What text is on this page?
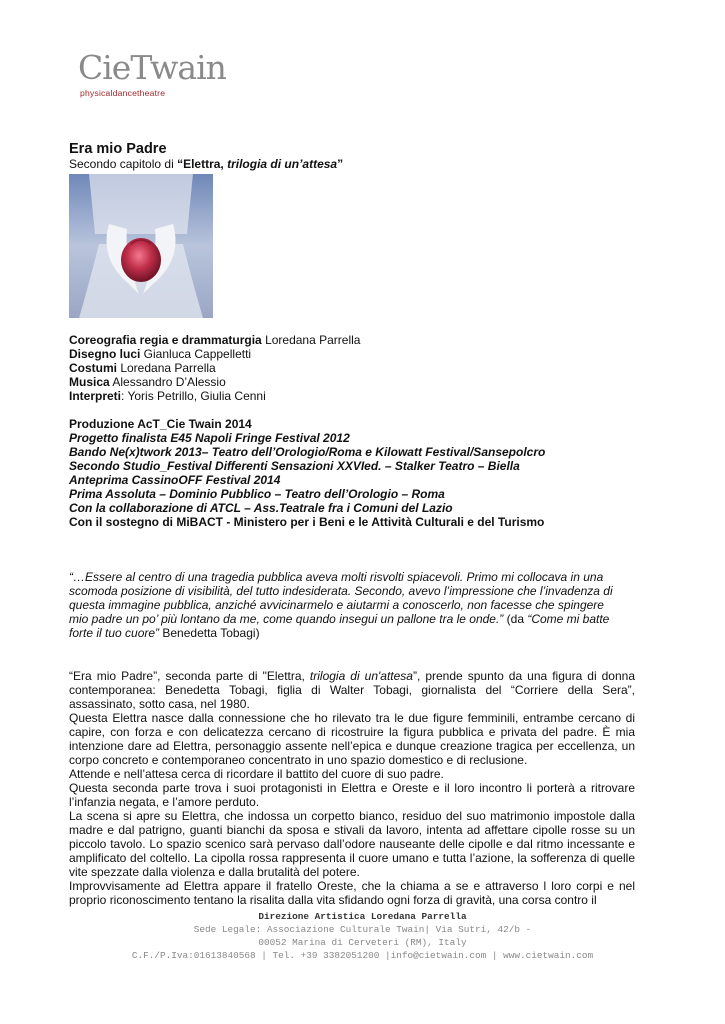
CieTwain
physicaldancetheatre
Era mio Padre
Secondo capitolo di “Elettra, trilogia di un’attesa”
Coreografia regia e drammaturgia Loredana Parrella
Disegno luci Gianluca Cappelletti
Costumi Loredana Parrella
Musica Alessandro D’Alessio
Interpreti: Yoris Petrillo, Giulia Cenni
Produzione AcT_Cie Twain 2014
Progetto finalista E45 Napoli Fringe Festival 2012
Bando Ne(x)twork 2013– Teatro dell’Orologio/Roma e Kilowatt Festival/Sansepolcro
Secondo Studio_Festival Differenti Sensazioni XXVIed. – Stalker Teatro – Biella
Anteprima CassinoOFF Festival 2014
Prima Assoluta – Dominio Pubblico – Teatro dell’Orologio – Roma
Con la collaborazione di ATCL – Ass.Teatrale fra i Comuni del Lazio
Con il sostegno di MiBACT - Ministero per i Beni e le Attività Culturali e del Turismo
“…Essere al centro di una tragedia pubblica aveva molti risvolti spiacevoli. Primo mi collocava in una scomoda posizione di visibilità, del tutto indesiderata. Secondo, avevo l’impressione che l’invadenza di questa immagine pubblica, anziché avvicinarmelo e aiutarmi a conoscerlo, non facesse che spingere mio padre un po’ più lontano da me, come quando insegui un pallone tra le onde.” (da “Come mi batte forte il tuo cuore” Benedetta Tobagi)

“Era mio Padre”, seconda parte di "Elettra, trilogia di un'attesa”, prende spunto da una figura di donna contemporanea: Benedetta Tobagi, figlia di Walter Tobagi, giornalista del “Corriere della Sera”, assassinato, sotto casa, nel 1980.

Questa Elettra nasce dalla connessione che ho rilevato tra le due figure femminili, entrambe cercano di capire, con forza e con delicatezza cercano di ricostruire la figura pubblica e privata del padre. È mia intenzione dare ad Elettra, personaggio assente nell’epica e dunque creazione tragica per eccellenza, un corpo concreto e contemporaneo concentrato in uno spazio domestico e di reclusione.

Attende e nell’attesa cerca di ricordare il battito del cuore di suo padre.

Questa seconda parte trova i suoi protagonisti in Elettra e Oreste e il loro incontro li porterà a ritrovare l’infanzia negata, e l’amore perduto.

La scena si apre su Elettra, che indossa un corpetto bianco, residuo del suo matrimonio impostole dalla madre e dal patrigno, guanti bianchi da sposa e stivali da lavoro, intenta ad affettare cipolle rosse su un piccolo tavolo. Lo spazio scenico sarà pervaso dall’odore nauseante delle cipolle e dal ritmo incessante e amplificato del coltello. La cipolla rossa rappresenta il cuore umano e tutta l’azione, la sofferenza di quelle vite spezzate dalla violenza e dalla brutalità del potere.

Improvvisamente ad Elettra appare il fratello Oreste, che la chiama a se e attraverso l loro corpi e nel proprio riconoscimento tentano la risalita dalla vita sfidando ogni forza di gravità, una corsa contro il

Direzione Artistica Loredana Parrella
Sede Legale: Associazione Culturale Twain| Via Sutri, 42/b -
00052 Marina di Cerveteri (RM), Italy
C.F./P.Iva:01613840568 | Tel. +39 3382051200 |info@cietwain.com | www.cietwain.com
